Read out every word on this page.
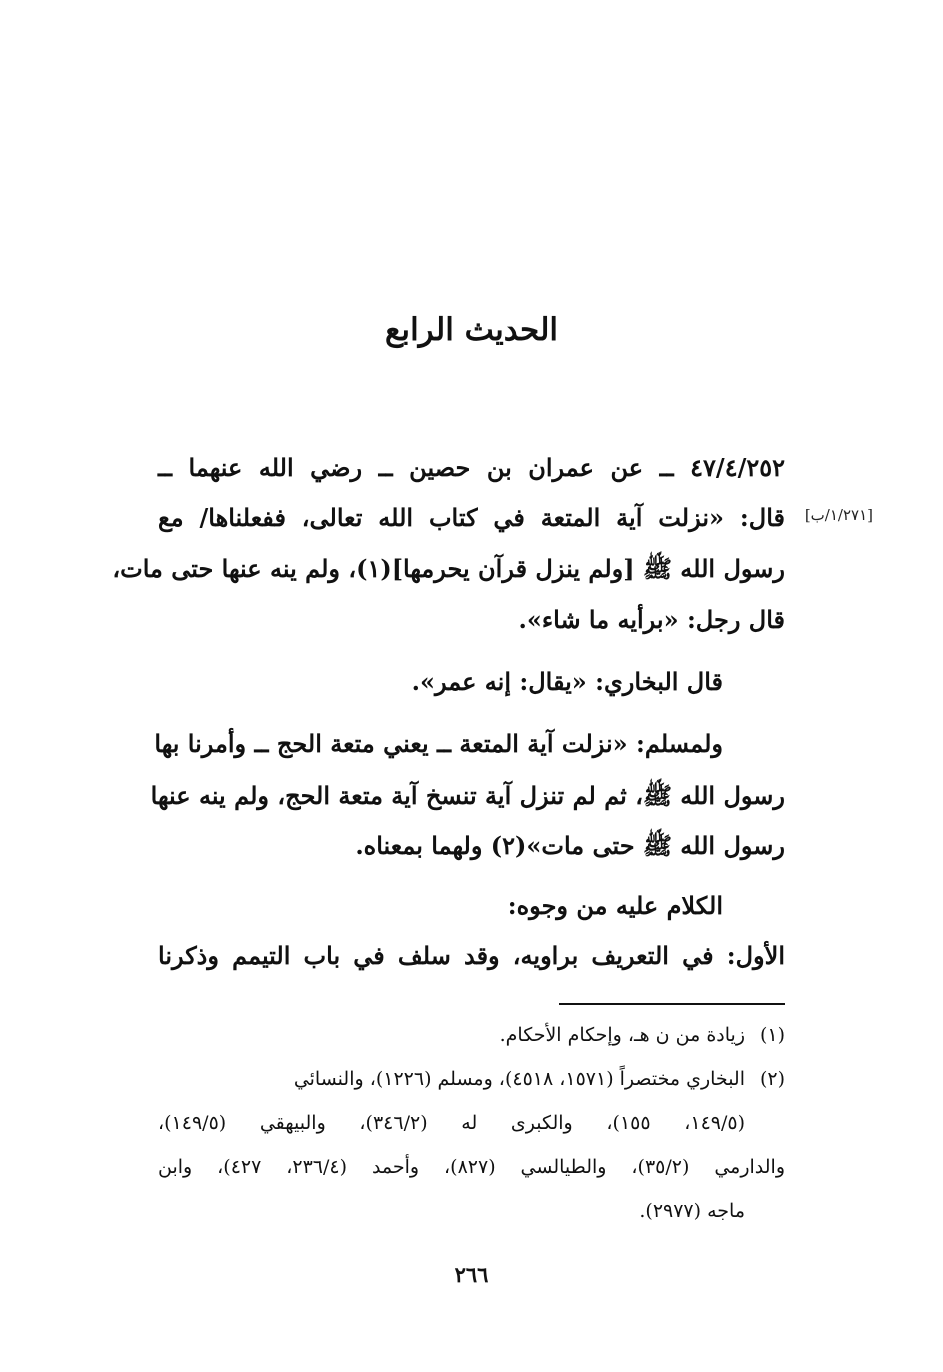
الحديث الرابع
[١/٢٧١/ب]
٤٧/٤/٢٥٢ ــ عن عمران بن حصين ــ رضي الله عنهما ــ
قال: «نزلت آية المتعة في كتاب الله تعالى، ففعلناها/ مع
رسول الله ﷺ [ولم ينزل قرآن يحرمها](١)، ولم ينه عنها حتى مات،
قال رجل: «برأيه ما شاء».
قال البخاري: «يقال: إنه عمر».
ولمسلم: «نزلت آية المتعة ــ يعني متعة الحج ــ وأمرنا بها
رسول الله ﷺ، ثم لم تنزل آية تنسخ آية متعة الحج، ولم ينه عنها
رسول الله ﷺ حتى مات»(٢) ولهما بمعناه.
الكلام عليه من وجوه:
الأول: في التعريف براويه، وقد سلف في باب التيمم وذكرنا
(١)زيادة من ن هـ، وإحكام الأحكام.
(٢)البخاري مختصراً (١٥٧١، ٤٥١٨)، ومسلم (١٢٢٦)، والنسائي
(١٤٩/٥، ١٥٥)، والكبرى له (٣٤٦/٢)، والبيهقي (١٤٩/٥)،
والدارمي (٣٥/٢)، والطيالسي (٨٢٧)، وأحمد (٢٣٦/٤، ٤٢٧)، وابن
ماجه (٢٩٧٧).
٢٦٦
